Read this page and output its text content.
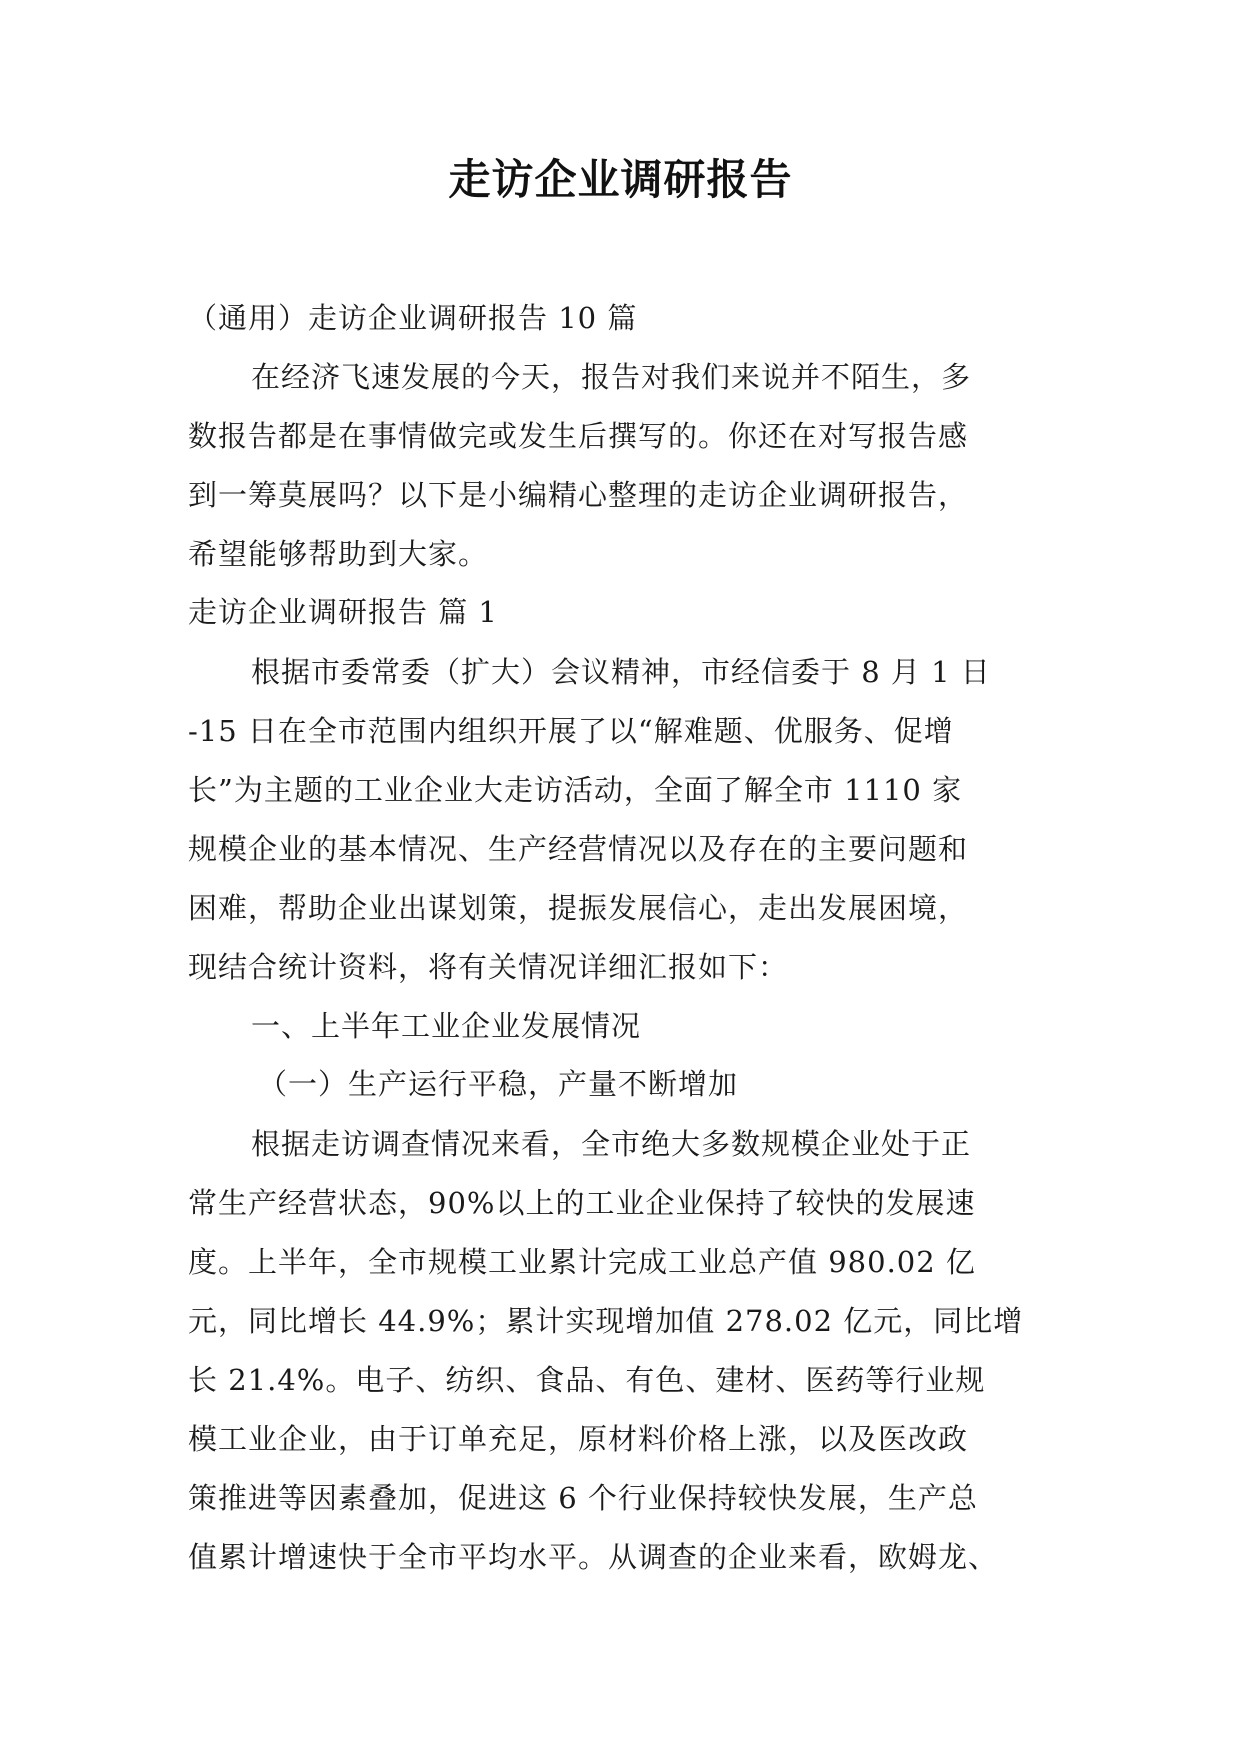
走访企业调研报告
（通用）走访企业调研报告 10 篇
在经济飞速发展的今天，报告对我们来说并不陌生，多
数报告都是在事情做完或发生后撰写的。你还在对写报告感
到一筹莫展吗？以下是小编精心整理的走访企业调研报告，
希望能够帮助到大家。
走访企业调研报告 篇 1
根据市委常委（扩大）会议精神，市经信委于 8 月 1 日
-15 日在全市范围内组织开展了以“解难题、优服务、促增
长”为主题的工业企业大走访活动，全面了解全市 1110 家
规模企业的基本情况、生产经营情况以及存在的主要问题和
困难，帮助企业出谋划策，提振发展信心，走出发展困境，
现结合统计资料，将有关情况详细汇报如下：
一、上半年工业企业发展情况
（一）生产运行平稳，产量不断增加
根据走访调查情况来看，全市绝大多数规模企业处于正
常生产经营状态，90%以上的工业企业保持了较快的发展速
度。上半年，全市规模工业累计完成工业总产值 980.02 亿
元，同比增长 44.9%；累计实现增加值 278.02 亿元，同比增
长 21.4%。电子、纺织、食品、有色、建材、医药等行业规
模工业企业，由于订单充足，原材料价格上涨，以及医改政
策推进等因素叠加，促进这 6 个行业保持较快发展，生产总
值累计增速快于全市平均水平。从调查的企业来看，欧姆龙、
